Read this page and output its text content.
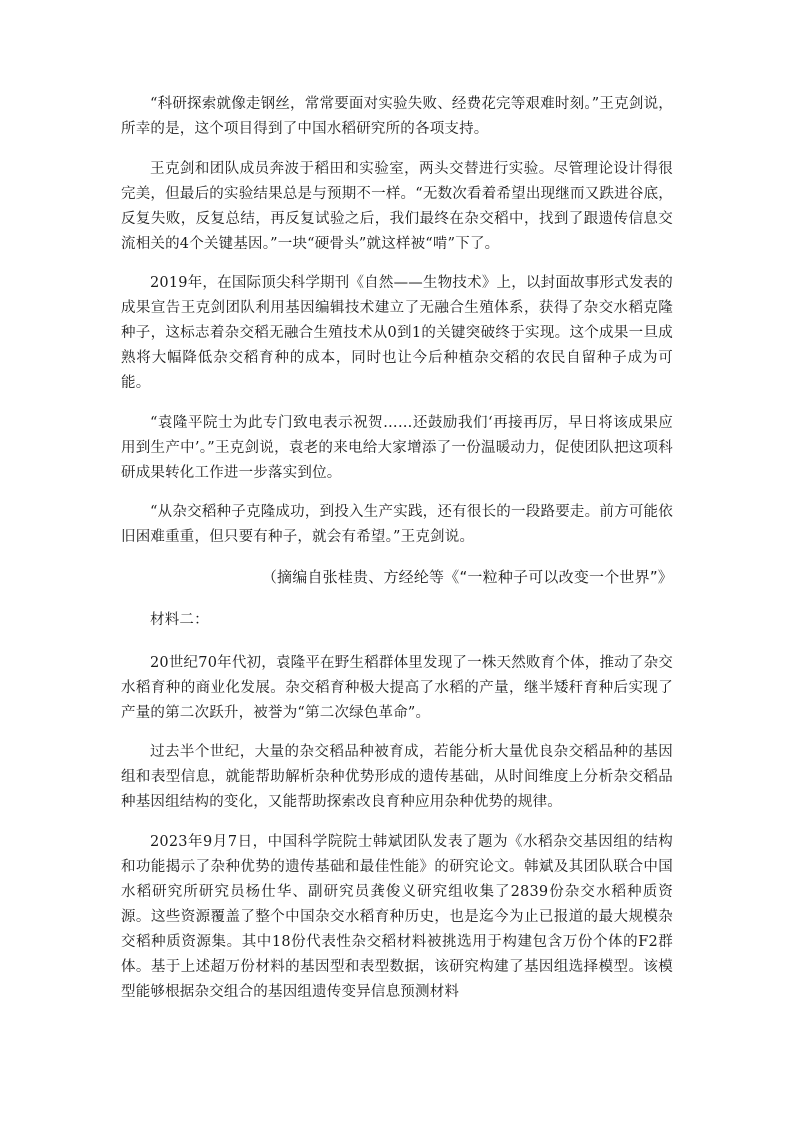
“科研探索就像走钢丝，常常要面对实验失败、经费花完等艰难时刻。”王克剑说，所幸的是，这个项目得到了中国水稻研究所的各项支持。

王克剑和团队成员奔波于稻田和实验室，两头交替进行实验。尽管理论设计得很完美，但最后的实验结果总是与预期不一样。“无数次看着希望出现继而又跌进谷底，反复失败，反复总结，再反复试验之后，我们最终在杂交稻中，找到了跟遗传信息交流相关的4个关键基因。”一块“硬骨头”就这样被“啃”下了。

2019年，在国际顶尖科学期刊《自然——生物技术》上，以封面故事形式发表的成果宣告王克剑团队利用基因编辑技术建立了无融合生殖体系，获得了杂交水稻克隆种子，这标志着杂交稻无融合生殖技术从0到1的关键突破终于实现。这个成果一旦成熟将大幅降低杂交稻育种的成本，同时也让今后种植杂交稻的农民自留种子成为可能。

“袁隆平院士为此专门致电表示祝贺……还鼓励我们‘再接再厉，早日将该成果应用到生产中’。”王克剑说，袁老的来电给大家增添了一份温暖动力，促使团队把这项科研成果转化工作进一步落实到位。

“从杂交稻种子克隆成功，到投入生产实践，还有很长的一段路要走。前方可能依旧困难重重，但只要有种子，就会有希望。”王克剑说。

（摘编自张桂贵、方经纶等《“一粒种子可以改变一个世界”》

材料二：

20世纪70年代初，袁隆平在野生稻群体里发现了一株天然败育个体，推动了杂交水稻育种的商业化发展。杂交稻育种极大提高了水稻的产量，继半矮秆育种后实现了产量的第二次跃升，被誉为“第二次绿色革命”。

过去半个世纪，大量的杂交稻品种被育成，若能分析大量优良杂交稻品种的基因组和表型信息，就能帮助解析杂种优势形成的遗传基础，从时间维度上分析杂交稻品种基因组结构的变化，又能帮助探索改良育种应用杂种优势的规律。

2023年9月7日，中国科学院院士韩斌团队发表了题为《水稻杂交基因组的结构和功能揭示了杂种优势的遗传基础和最佳性能》的研究论文。韩斌及其团队联合中国水稻研究所研究员杨仕华、副研究员龚俊义研究组收集了2839份杂交水稻种质资源。这些资源覆盖了整个中国杂交水稻育种历史，也是迄今为止已报道的最大规模杂交稻种质资源集。其中18份代表性杂交稻材料被挑选用于构建包含万份个体的F2群体。基于上述超万份材料的基因型和表型数据，该研究构建了基因组选择模型。该模型能够根据杂交组合的基因组遗传变异信息预测材料
